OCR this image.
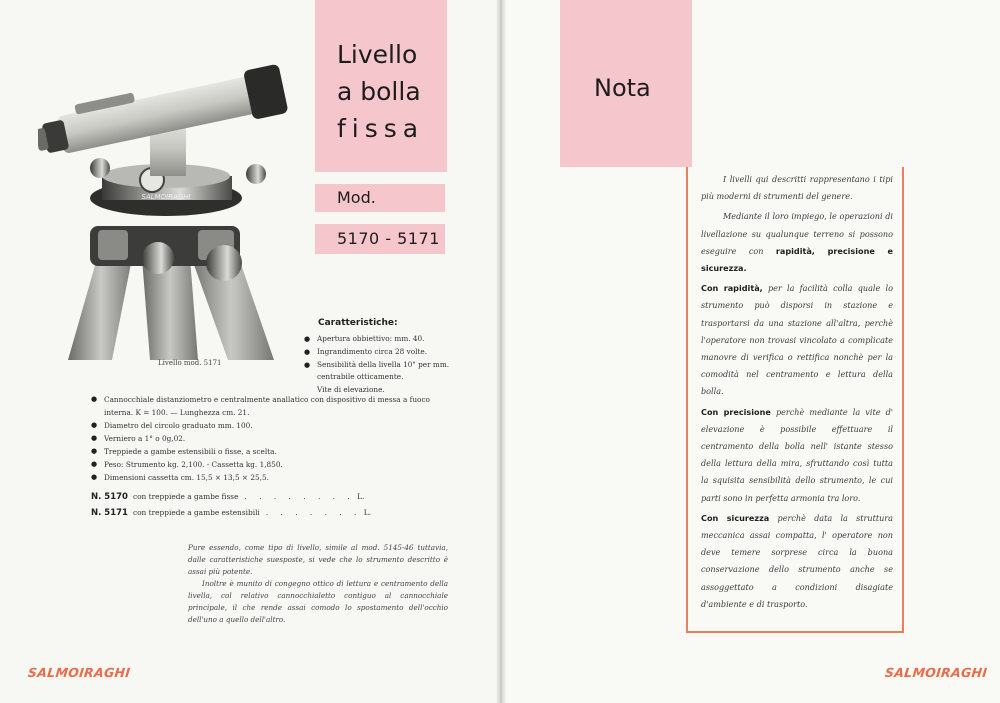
Livello
a bolla
fissa
Mod.
5170 - 5171
SALMOIRAGHI
Livello mod. 5171
Caratteristiche:
● Apertura obbiettivo: mm. 40.
● Ingrandimento circa 28 volte.
● Sensibilità della livella 10" per mm. centrabile otticamente.
Vite di elevazione.
● Cannocchiale distanziometro e centralmente anallatico con dispositivo di messa a fuoco interna. K = 100. — Lunghezza cm. 21.
● Diametro del circolo graduato mm. 100.
● Verniero a 1° o 0g,02.
● Treppiede a gambe estensibili o fisse, a scelta.
● Peso: Strumento kg. 2,100. - Cassetta kg. 1,850.
● Dimensioni cassetta cm. 15,5 × 13,5 × 25,5.
N. 5170 con treppiede a gambe fisse . . . . . . . . L.
N. 5171 con treppiede a gambe estensibili . . . . . . . L.

Pure essendo, come tipo di livello, simile al mod. 5145-46 tuttavia, dalle caratteristiche suesposte, si vede che lo strumento descritto è assai più potente.

Inoltre è munito di congegno ottico di lettura e centramento della livella, col relativo cannocchialetto contiguo al cannocchiale principale, il che rende assai comodo lo spostamento dell'occhio dell'uno a quello dell'altro.

SALMOIRAGHI
Nota

I livelli qui descritti rappresentano i tipi più moderni di strumenti del genere.

Mediante il loro impiego, le operazioni di livellazione su qualunque terreno si possono eseguire con rapidità, precisione e sicurezza.

Con rapidità, per la facilità colla quale lo strumento può disporsi in stazione e trasportarsi da una stazione all'altra, perchè l'operatore non trovasi vincolato a complicate manovre di verifica o rettifica nonchè per la comodità nel centramento e lettura della bolla.

Con precisione perchè mediante la vite d' elevazione è possibile effettuare il centramento della bolla nell' istante stesso della lettura della mira, sfruttando così tutta la squisita sensibilità dello strumento, le cui parti sono in perfetta armonia tra loro.

Con sicurezza perchè data la struttura meccanica assai compatta, l' operatore non deve temere sorprese circa la buona conservazione dello strumento anche se assoggettato a condizioni disagiate d'ambiente e di trasporto.

SALMOIRAGHI
